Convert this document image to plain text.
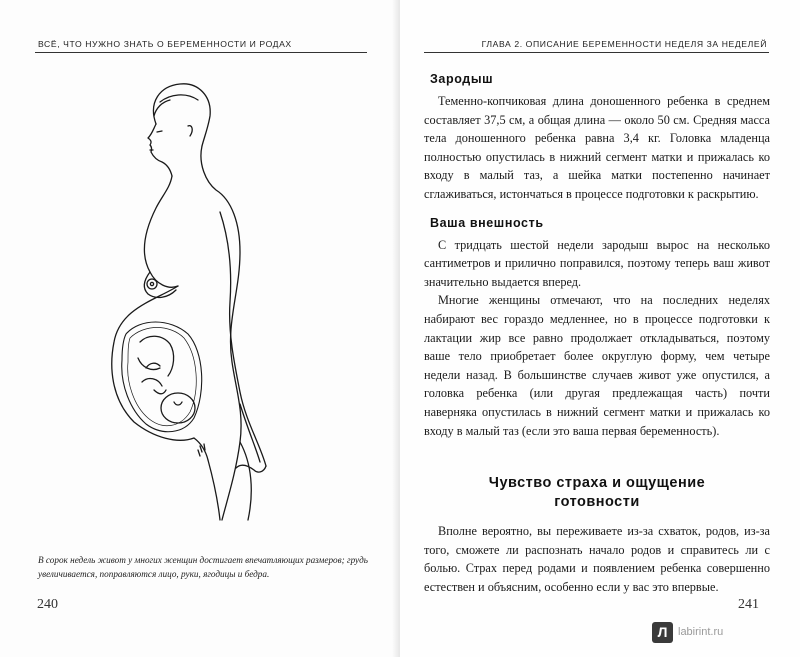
ВСЁ, ЧТО НУЖНО ЗНАТЬ О БЕРЕМЕННОСТИ И РОДАХ

В сорок недель живот у многих женщин достигает впечатляющих размеров; грудь увеличивается, поправляются лицо, руки, ягодицы и бедра.

240
ГЛАВА 2. ОПИСАНИЕ БЕРЕМЕННОСТИ НЕДЕЛЯ ЗА НЕДЕЛЕЙ
Зародыш

Теменно-копчиковая длина доношенного ребенка в среднем составляет 37,5 см, а общая длина — около 50 см. Средняя масса тела доношенного ребенка равна 3,4 кг. Головка младенца полностью опустилась в нижний сегмент матки и прижалась ко входу в малый таз, а шейка матки постепенно начинает сглаживаться, истончаться в процессе подготовки к раскрытию.

Ваша внешность

С тридцать шестой недели зародыш вырос на несколько сантиметров и прилично поправился, поэтому теперь ваш живот значительно выдается вперед.

Многие женщины отмечают, что на последних неделях набирают вес гораздо медленнее, но в процессе подготовки к лактации жир все равно продолжает откладываться, поэтому ваше тело приобретает более округлую форму, чем четыре недели назад. В большинстве случаев живот уже опустился, а головка ребенка (или другая предлежащая часть) почти наверняка опустилась в нижний сегмент матки и прижалась ко входу в малый таз (если это ваша первая беременность).

Чувство страха и ощущение
готовности

Вполне вероятно, вы переживаете из-за схваток, родов, из-за того, сможете ли распознать начало родов и справитесь ли с болью. Страх перед родами и появлением ребенка совершенно естествен и объясним, особенно если у вас это впервые.

241
Л labirint.ru
